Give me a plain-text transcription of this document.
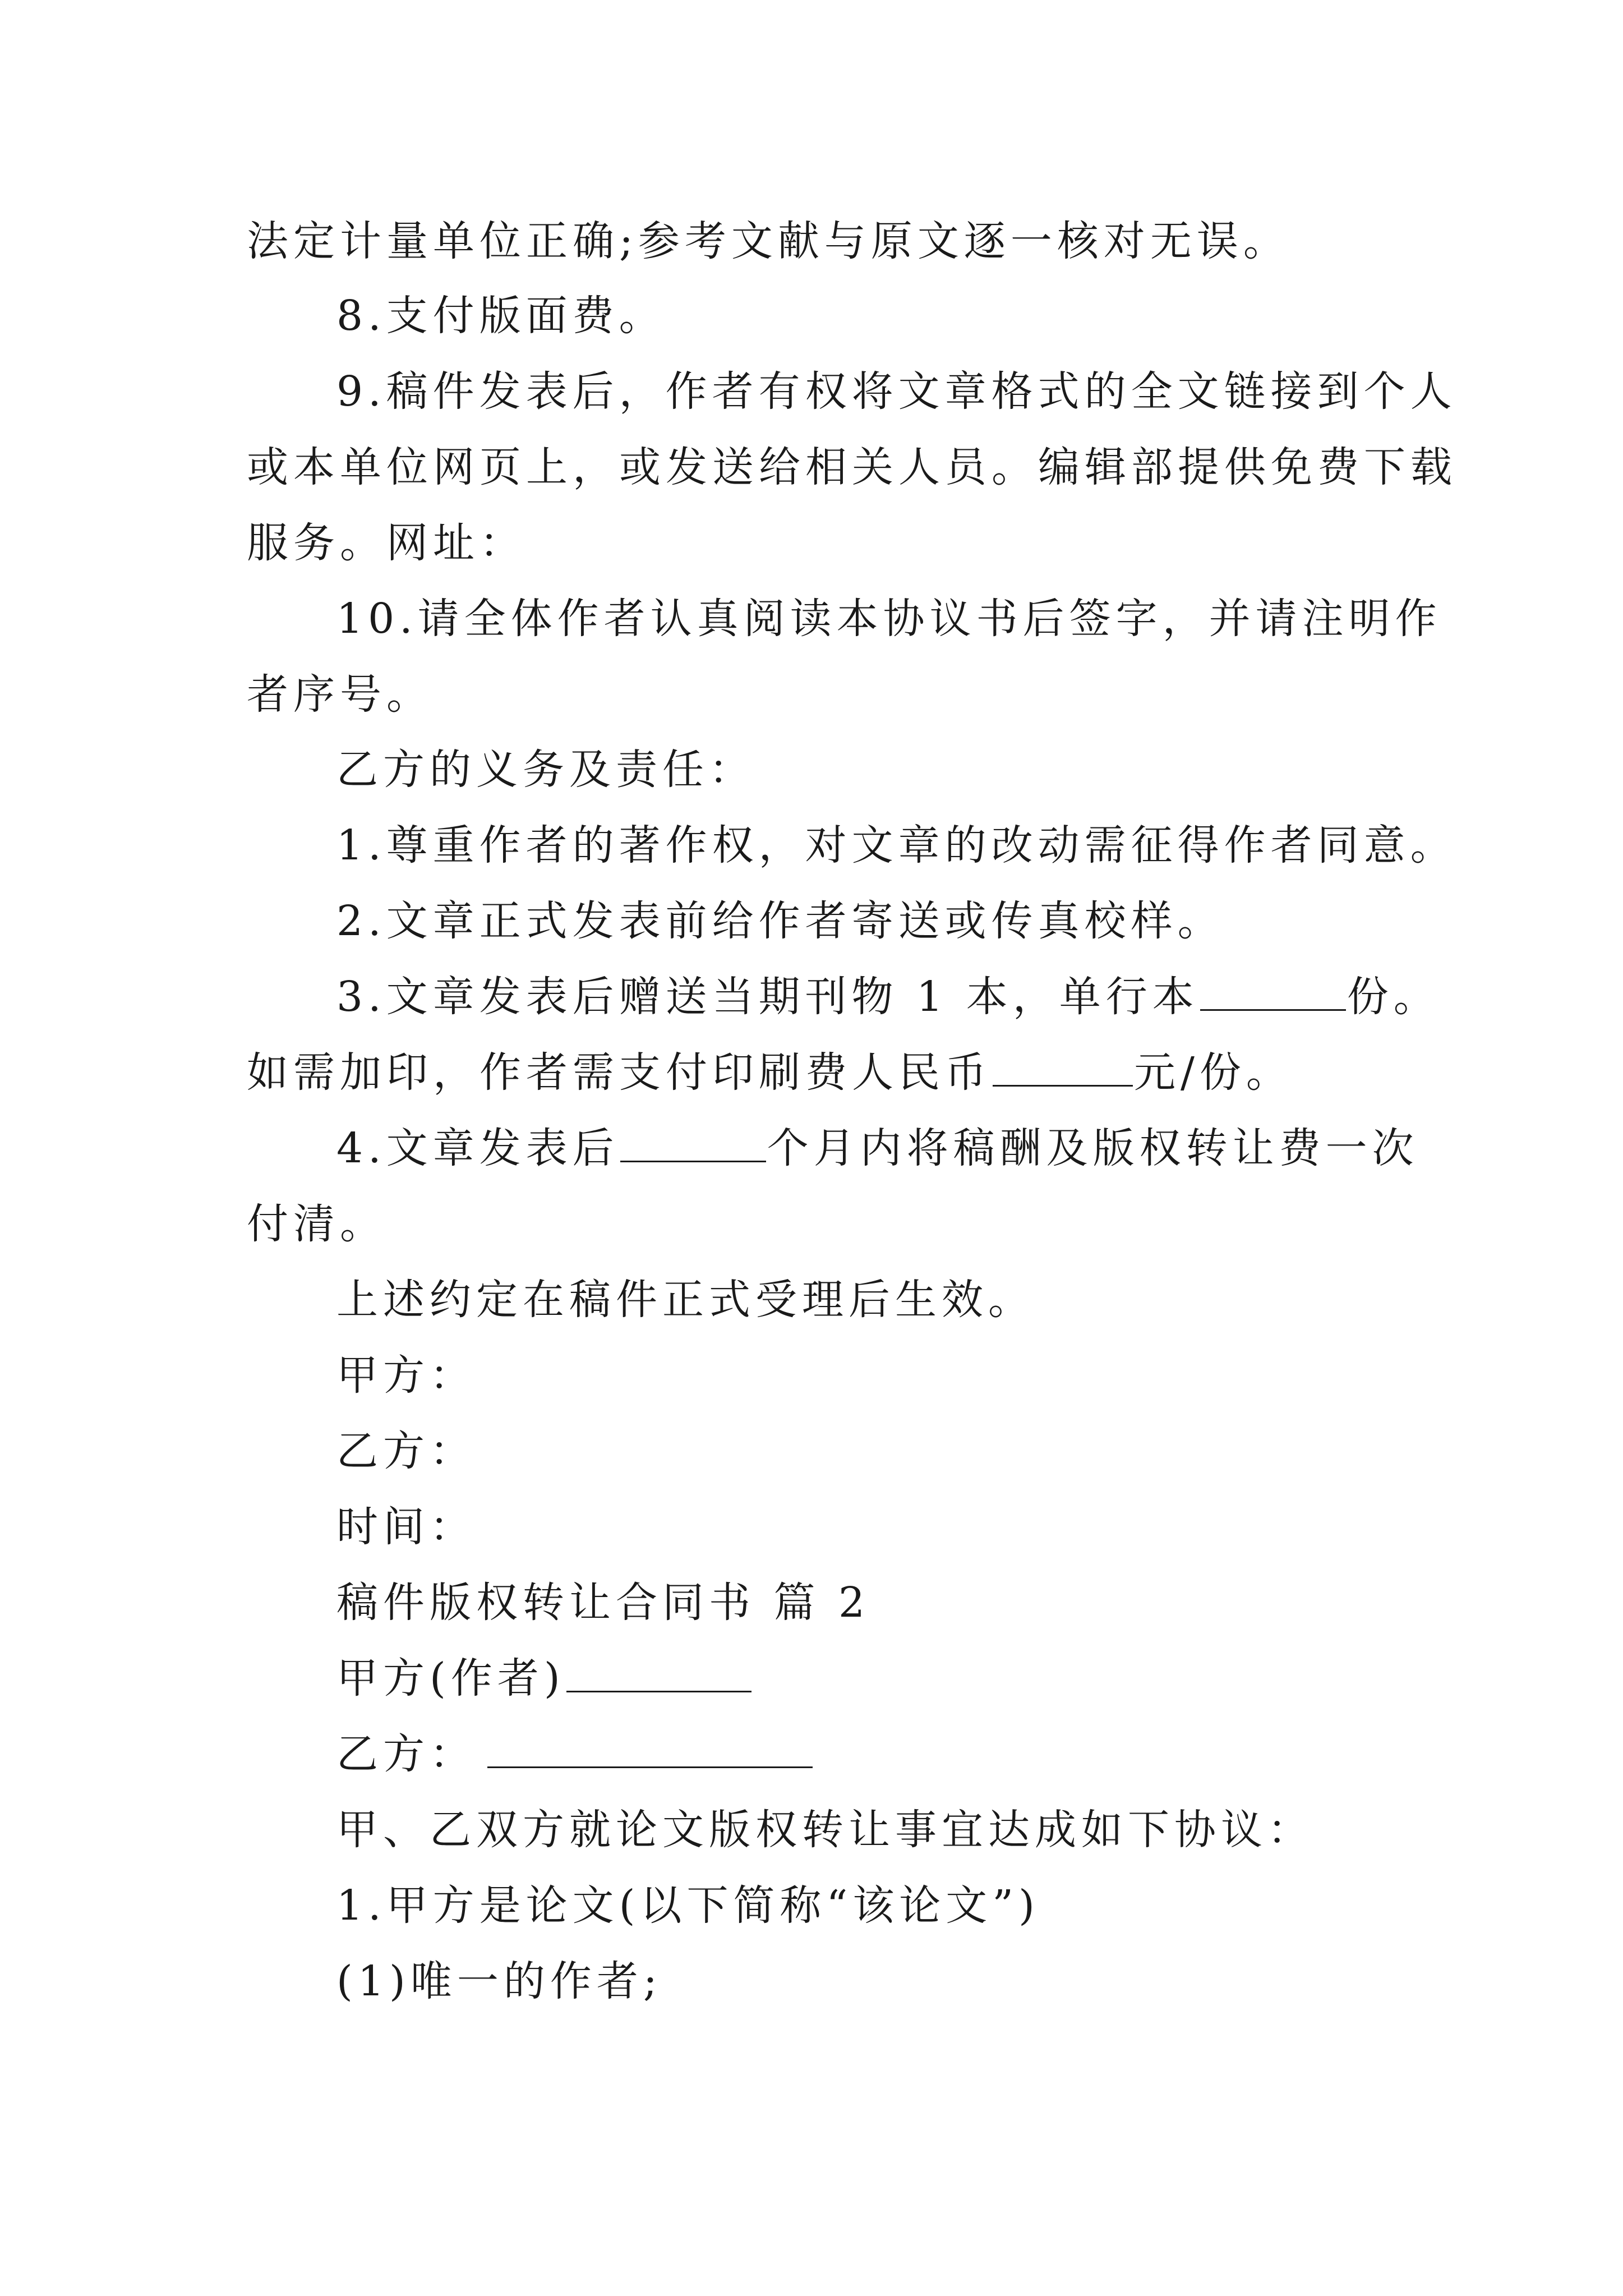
法定计量单位正确;参考文献与原文逐一核对无误。
8.支付版面费。
9.稿件发表后，作者有权将文章格式的全文链接到个人
或本单位网页上，或发送给相关人员。编辑部提供免费下载
服务。网址：
10.请全体作者认真阅读本协议书后签字，并请注明作
者序号。
乙方的义务及责任：
1.尊重作者的著作权，对文章的改动需征得作者同意。
2.文章正式发表前给作者寄送或传真校样。
3.文章发表后赠送当期刊物 1 本，单行本	份。
如需加印，作者需支付印刷费人民币	元/份。
4.文章发表后	个月内将稿酬及版权转让费一次
付清。
上述约定在稿件正式受理后生效。
甲方：
乙方：
时间：
稿件版权转让合同书 篇 2
甲方(作者)
乙方：
甲、乙双方就论文版权转让事宜达成如下协议：
1.甲方是论文(以下简称“该论文”)
(1)唯一的作者;
